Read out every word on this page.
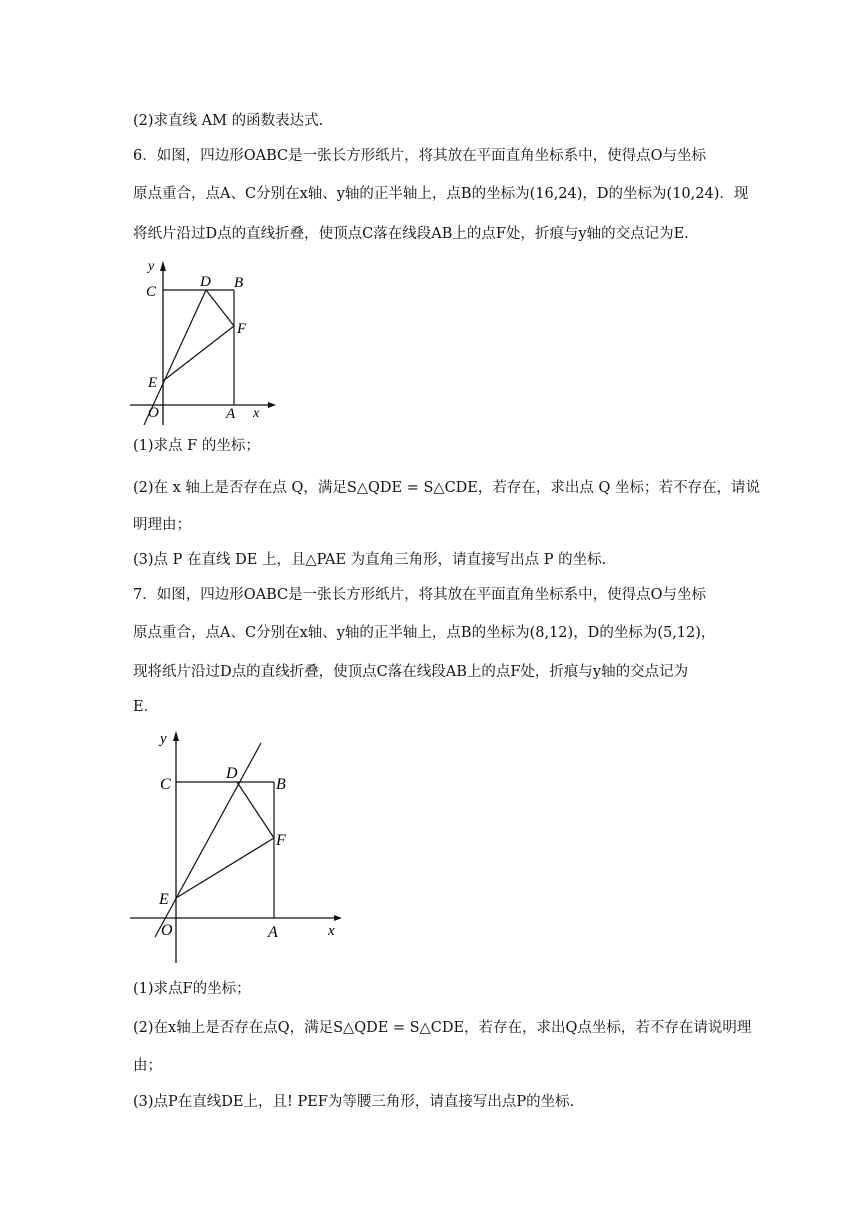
(2)求直线 AM 的函数表达式.
6．如图，四边形OABC是一张长方形纸片，将其放在平面直角坐标系中，使得点O与坐标
原点重合，点A、C分别在x轴、y轴的正半轴上，点B的坐标为(16,24)，D的坐标为(10,24)．现
将纸片沿过D点的直线折叠，使顶点C落在线段AB上的点F处，折痕与y轴的交点记为E.
y
C
D B
F
E
O	A x
(1)求点 F 的坐标；
(2)在 x 轴上是否存在点 Q，满足S△QDE = S△CDE，若存在，求出点 Q 坐标；若不存在，请说
明理由；
(3)点 P 在直线 DE 上，且△PAE 为直角三角形，请直接写出点 P 的坐标.
7．如图，四边形OABC是一张长方形纸片，将其放在平面直角坐标系中，使得点O与坐标
原点重合，点A、C分别在x轴、y轴的正半轴上，点B的坐标为(8,12)，D的坐标为(5,12)，
现将纸片沿过D点的直线折叠，使顶点C落在线段AB上的点F处，折痕与y轴的交点记为
E．
y
C
D
B
F
E
O	A	x
(1)求点F的坐标；
(2)在x轴上是否存在点Q，满足S△QDE = S△CDE，若存在，求出Q点坐标，若不存在请说明理
由；
(3)点P在直线DE上，且! PEF为等腰三角形，请直接写出点P的坐标.
